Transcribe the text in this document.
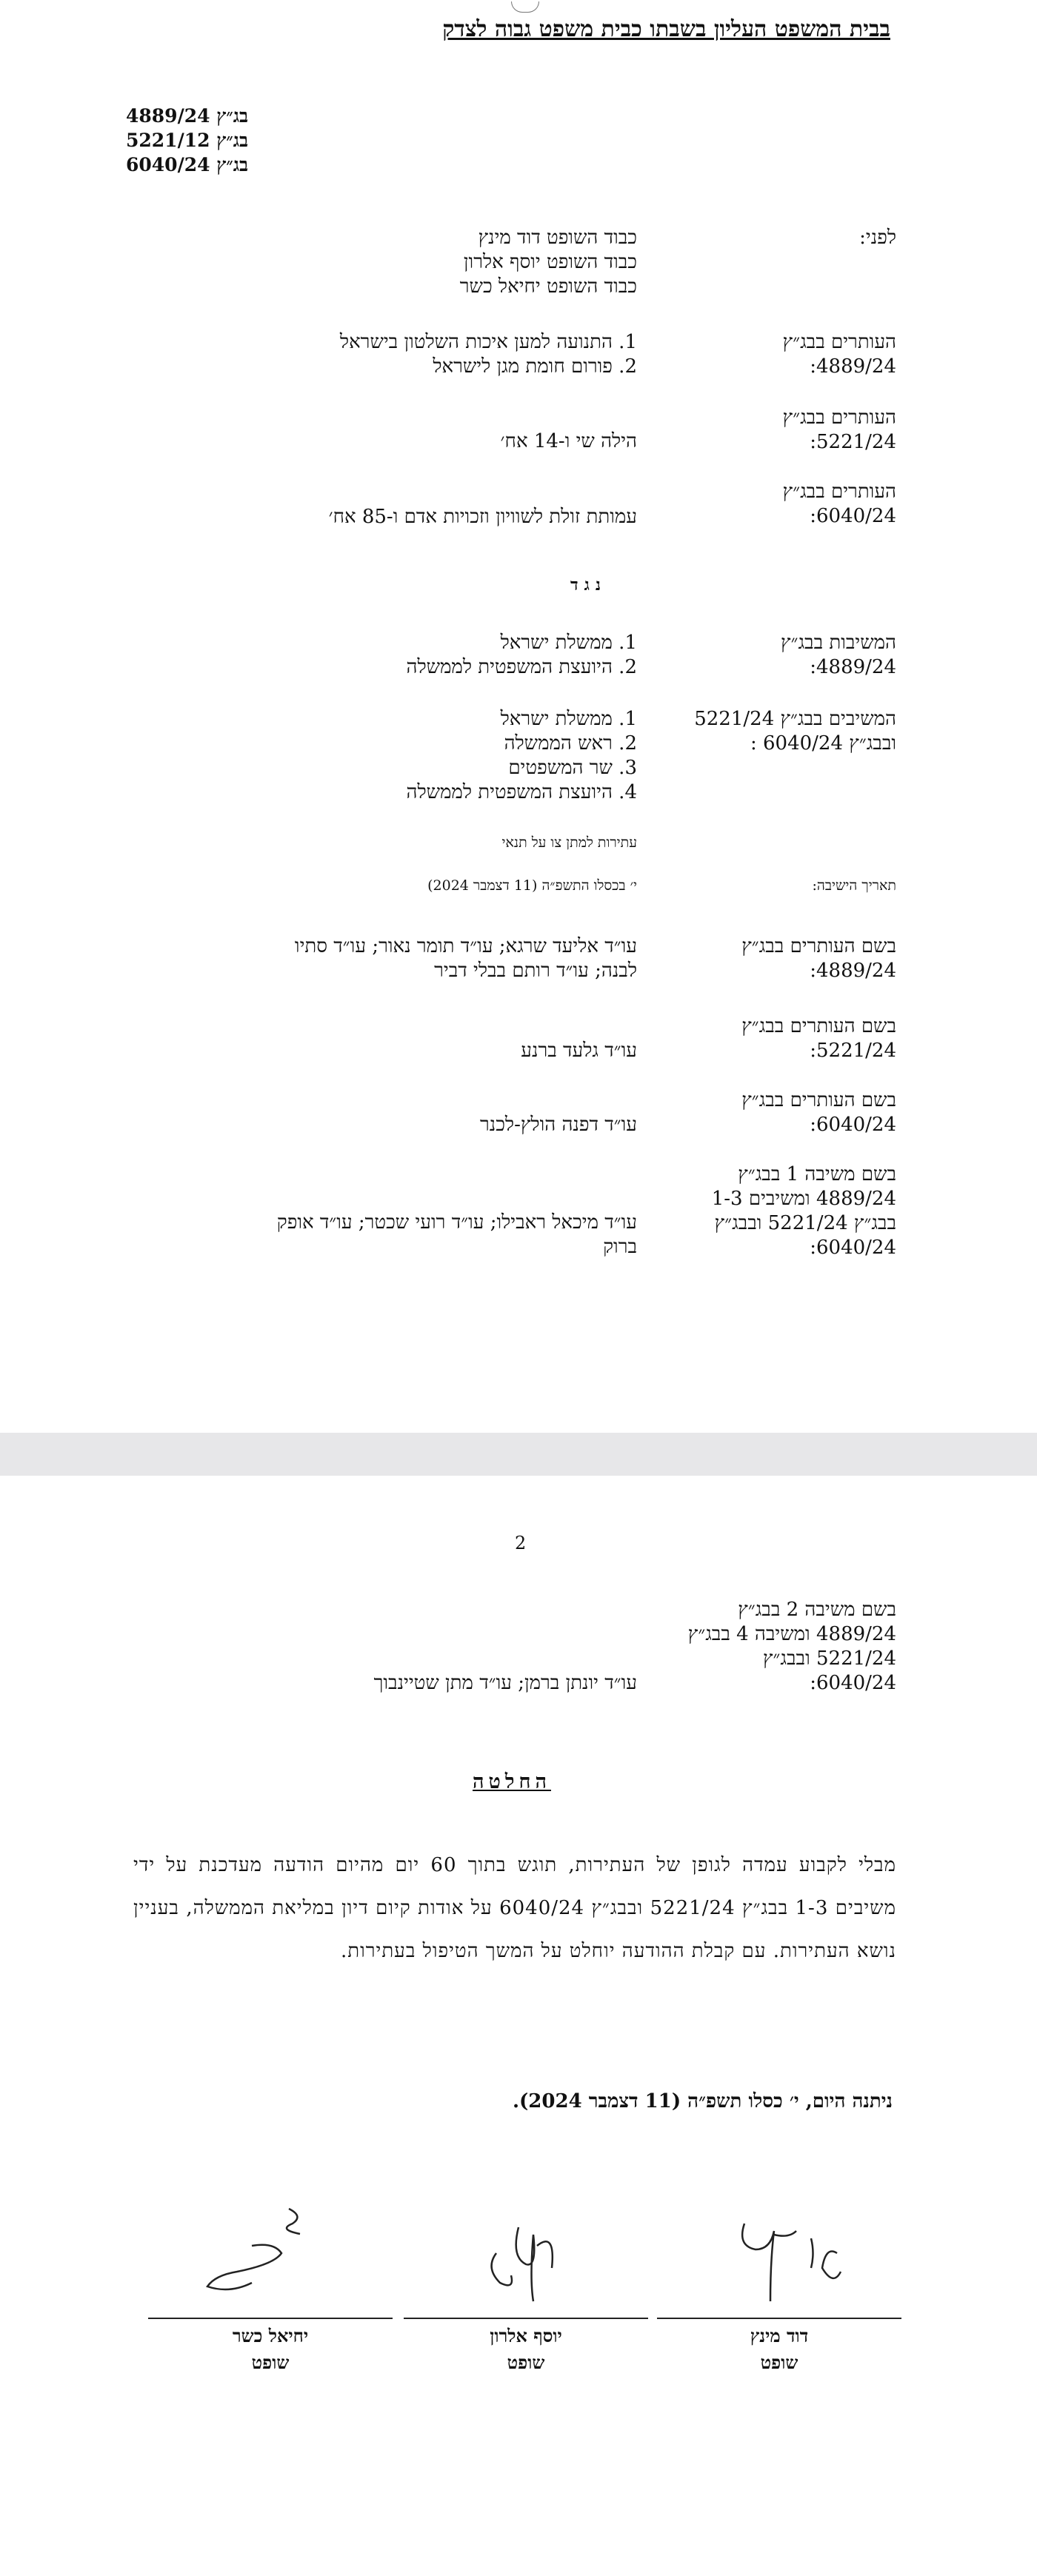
בבית המשפט העליון בשבתו כבית משפט גבוה לצדק
בג״ץ 4889/24
בג״ץ 5221/12
בג״ץ 6040/24
לפני:
כבוד השופט דוד מינץ
כבוד השופט יוסף אלרון
כבוד השופט יחיאל כשר
העותרים בבג״ץ
4889/24:
1. התנועה למען איכות השלטון בישראל
2. פורום חומת מגן לישראל
העותרים בבג״ץ
5221/24:
הילה שי ו-14 אח׳
העותרים בבג״ץ
6040/24:
עמותת זולת לשוויון וזכויות אדם ו-85 אח׳
נגד
המשיבות בבג״ץ
4889/24:
1. ממשלת ישראל
2. היועצת המשפטית לממשלה
המשיבים בבג״ץ 5221/24
ובבג״ץ 6040/24 :
1. ממשלת ישראל
2. ראש הממשלה
3. שר המשפטים
4. היועצת המשפטית לממשלה
עתירות למתן צו על תנאי
תאריך הישיבה:
י׳ בכסלו התשפ״ה (11 דצמבר 2024)
בשם העותרים בבג״ץ
4889/24:
עו״ד אליעד שרגא; עו״ד תומר נאור; עו״ד סתיו
לבנה; עו״ד רותם בבלי דביר
בשם העותרים בבג״ץ
5221/24:
עו״ד גלעד ברנע
בשם העותרים בבג״ץ
6040/24:
עו״ד דפנה הולץ-לכנר
בשם משיבה 1 בבג״ץ
4889/24 ומשיבים 1-3
בבג״ץ 5221/24 ובבג״ץ
6040/24:
עו״ד מיכאל ראבילו; עו״ד רועי שכטר; עו״ד אופק
ברוק
2
בשם משיבה 2 בבג״ץ
4889/24 ומשיבה 4 בבג״ץ
5221/24 ובבג״ץ
6040/24:
עו״ד יונתן ברמן; עו״ד מתן שטיינבוך
החלטה
מבלי לקבוע עמדה לגופן של העתירות, תוגש בתוך 60 יום מהיום הודעה מעדכנת על ידי משיבים 1-3 בבג״ץ 5221/24 ובבג״ץ 6040/24 על אודות קיום דיון במליאת הממשלה, בעניין נושא העתירות. עם קבלת ההודעה יוחלט על המשך הטיפול בעתירות.
ניתנה היום, י׳ כסלו תשפ״ה (11 דצמבר 2024).
יחיאל כשר
שופט
יוסף אלרון
שופט
דוד מינץ
שופט
